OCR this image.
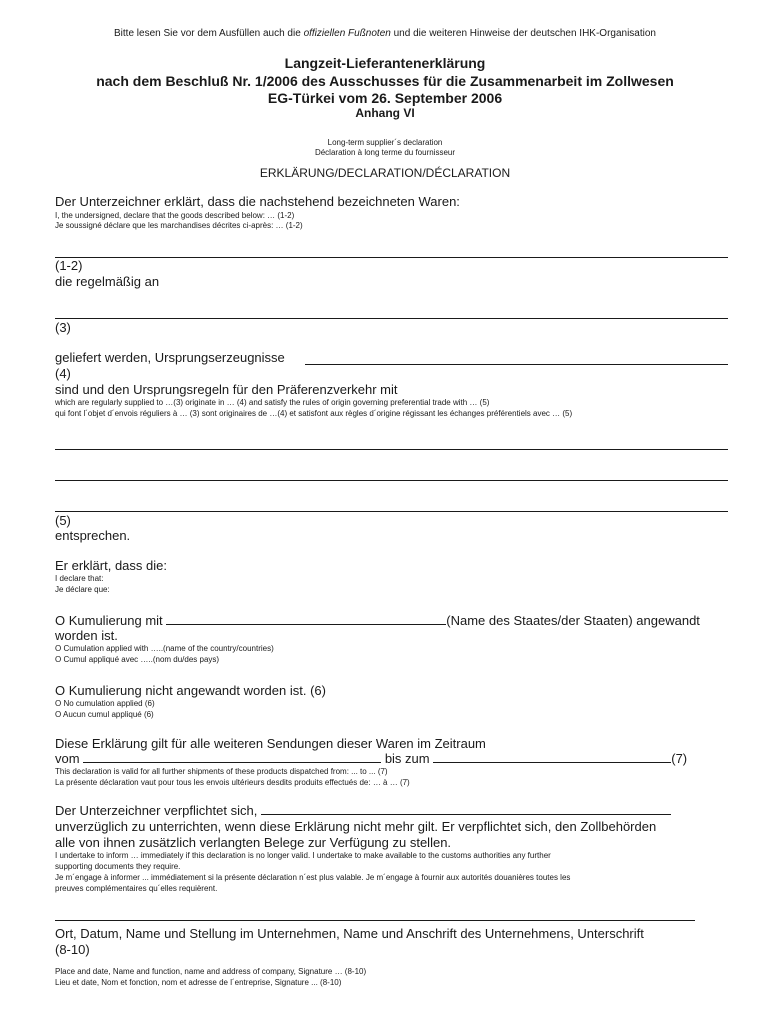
Bitte lesen Sie vor dem Ausfüllen auch die offiziellen Fußnoten und die weiteren Hinweise der deutschen IHK-Organisation
Langzeit-Lieferantenerklärung
nach dem Beschluß Nr. 1/2006 des Ausschusses für die Zusammenarbeit im Zollwesen
EG-Türkei vom 26. September 2006
Anhang VI
Long-term supplier´s declaration
Déclaration à long terme du fournisseur
ERKLÄRUNG/DECLARATION/DÉCLARATION
Der Unterzeichner erklärt, dass die nachstehend bezeichneten Waren:
I, the undersigned, declare that the goods described below: … (1-2)
Je soussigné déclare que les marchandises décrites ci-après: … (1-2)
(1-2)
die regelmäßig an
(3)
geliefert werden, Ursprungserzeugnisse
(4)
sind und den Ursprungsregeln für den Präferenzverkehr mit
which are regularly supplied to …(3) originate in … (4) and satisfy the rules of origin governing preferential trade with … (5)
qui font l´objet d´envois réguliers à … (3) sont originaires de …(4) et satisfont aux règles d´origine régissant les échanges préférentiels avec … (5)
(5)
entsprechen.
Er erklärt, dass die:
I declare that:
Je déclare que:
O Kumulierung mit	(Name des Staates/der Staaten) angewandt
worden ist.
O Cumulation applied with …..(name of the country/countries)
O Cumul appliqué avec …..(nom du/des pays)
O Kumulierung nicht angewandt worden ist. (6)
O No cumulation applied (6)
O Aucun cumul appliqué (6)
Diese Erklärung gilt für alle weiteren Sendungen dieser Waren im Zeitraum
vom	bis zum	(7)
This declaration is valid for all further shipments of these products dispatched from: ... to ... (7)
La présente déclaration vaut pour tous les envois ultérieurs desdits produits effectués de: … à … (7)
Der Unterzeichner verpflichtet sich,
unverzüglich zu unterrichten, wenn diese Erklärung nicht mehr gilt. Er verpflichtet sich, den Zollbehörden
alle von ihnen zusätzlich verlangten Belege zur Verfügung zu stellen.
I undertake to inform … immediately if this declaration is no longer valid. I undertake to make available to the customs authorities any further
supporting documents they require.
Je m´engage à informer ... immédiatement si la présente déclaration n´est plus valable. Je m´engage à fournir aux autorités douanières toutes les
preuves complémentaires qu´elles requièrent.
Ort, Datum, Name und Stellung im Unternehmen, Name und Anschrift des Unternehmens, Unterschrift
(8-10)
Place and date, Name and function, name and address of company, Signature … (8-10)
Lieu et date, Nom et fonction, nom et adresse de l´entreprise, Signature ... (8-10)
